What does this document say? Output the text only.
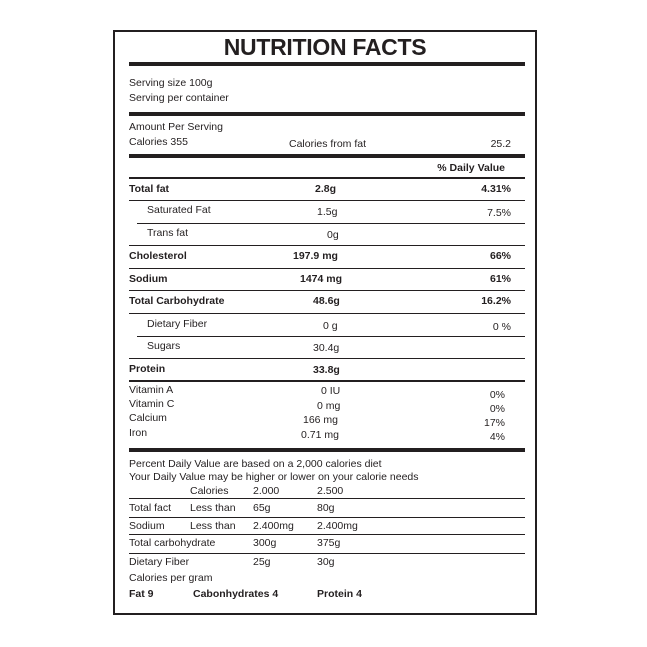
NUTRITION FACTS
Serving size 100g
Serving per container
Amount Per Serving
Calories 355	Calories from fat	25.2
% Daily Value
Total fat	2.8g	4.31%
Saturated Fat	1.5g	7.5%
Trans fat	0g
Cholesterol	197.9 mg	66%
Sodium	1474 mg	61%
Total Carbohydrate	48.6g	16.2%
Dietary Fiber	0 g	0 %
Sugars	30.4g
Protein	33.8g
Vitamin A	0 IU	0%
Vitamin C	0 mg	0%
Calcium	166 mg	17%
Iron	0.71 mg	4%
Percent Daily Value are based on a 2,000 calories diet
Your Daily Value may be higher or lower on your calorie needs
Calories 2.000	2.500
Total fact Less than 65g	80g
Sodium Less than 2.400mg 2.400mg
Total carbohydrate	300g	375g
Dietary Fiber	25g	30g
Calories per gram
Fat 9	Cabonhydrates 4	Protein 4
